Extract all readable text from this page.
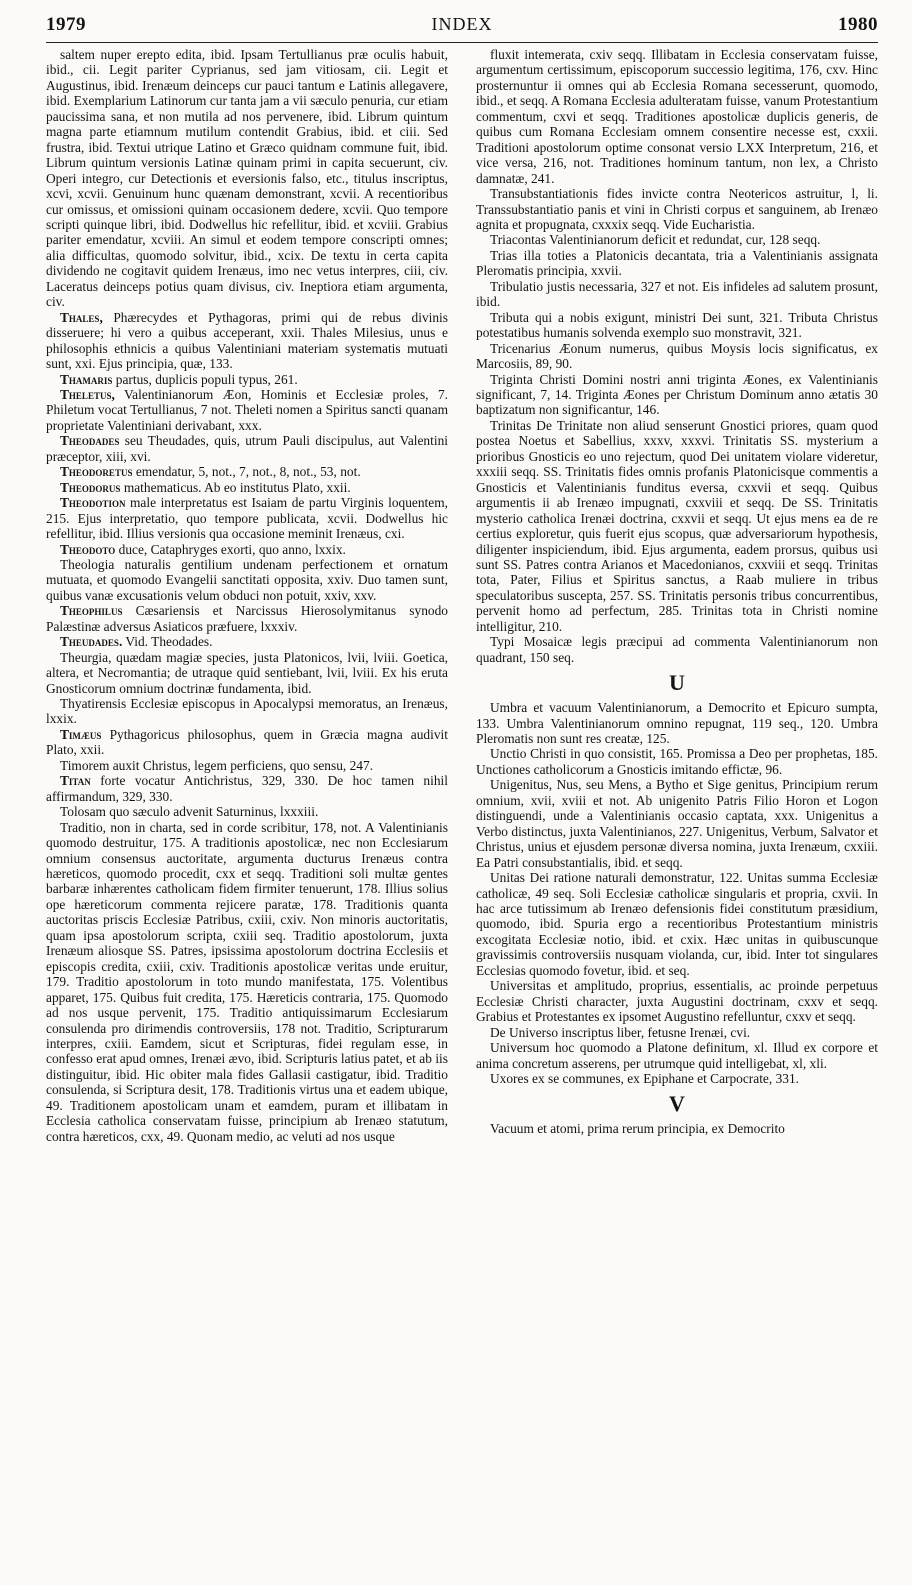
1979	INDEX	1980

saltem nuper erepto edita, ibid. Ipsam Tertullianus præ oculis habuit, ibid., cii. Legit pariter Cyprianus, sed jam vitiosam, cii. Legit et Augustinus, ibid. Irenæum deinceps cur pauci tantum e Latinis allegavere, ibid. Exemplarium Latinorum cur tanta jam a vii sæculo penuria, cur etiam paucissima sana, et non mutila ad nos pervenere, ibid. Librum quintum magna parte etiamnum mutilum contendit Grabius, ibid. et ciii. Sed frustra, ibid. Textui utrique Latino et Græco quidnam commune fuit, ibid. Librum quintum versionis Latinæ quinam primi in capita secuerunt, civ. Operi integro, cur Detectionis et eversionis falso, etc., titulus inscriptus, xcvi, xcvii. Genuinum hunc quænam demonstrant, xcvii. A recentioribus cur omissus, et omissioni quinam occasionem dedere, xcvii. Quo tempore scripti quinque libri, ibid. Dodwellus hic refellitur, ibid. et xcviii. Grabius pariter emendatur, xcviii. An simul et eodem tempore conscripti omnes; alia difficultas, quomodo solvitur, ibid., xcix. De textu in certa capita dividendo ne cogitavit quidem Irenæus, imo nec vetus interpres, ciii, civ. Laceratus deinceps potius quam divisus, civ. Ineptiora etiam argumenta, civ.

Thales, Phærecydes et Pythagoras, primi qui de rebus divinis disseruere; hi vero a quibus acceperant, xxii. Thales Milesius, unus e philosophis ethnicis a quibus Valentiniani materiam systematis mutuati sunt, xxi. Ejus principia, quæ, 133.

Thamaris partus, duplicis populi typus, 261.

Theletus, Valentinianorum Æon, Hominis et Ecclesiæ proles, 7. Philetum vocat Tertullianus, 7 not. Theleti nomen a Spiritus sancti quanam proprietate Valentiniani derivabant, xxx.

Theodades seu Theudades, quis, utrum Pauli discipulus, aut Valentini præceptor, xiii, xvi.

Theodoretus emendatur, 5, not., 7, not., 8, not., 53, not.

Theodorus mathematicus. Ab eo institutus Plato, xxii.

Theodotion male interpretatus est Isaiam de partu Virginis loquentem, 215. Ejus interpretatio, quo tempore publicata, xcvii. Dodwellus hic refellitur, ibid. Illius versionis qua occasione meminit Irenæus, cxi.

Theodoto duce, Cataphryges exorti, quo anno, lxxix.

Theologia naturalis gentilium undenam perfectionem et ornatum mutuata, et quomodo Evangelii sanctitati opposita, xxiv. Duo tamen sunt, quibus vanæ excusationis velum obduci non potuit, xxiv, xxv.

Theophilus Cæsariensis et Narcissus Hierosolymitanus synodo Palæstinæ adversus Asiaticos præfuere, lxxxiv.

Theudades. Vid. Theodades.

Theurgia, quædam magiæ species, justa Platonicos, lvii, lviii. Goetica, altera, et Necromantia; de utraque quid sentiebant, lvii, lviii. Ex his eruta Gnosticorum omnium doctrinæ fundamenta, ibid.

Thyatirensis Ecclesiæ episcopus in Apocalypsi memoratus, an Irenæus, lxxix.

Timæus Pythagoricus philosophus, quem in Græcia magna audivit Plato, xxii.

Timorem auxit Christus, legem perficiens, quo sensu, 247.

Titan forte vocatur Antichristus, 329, 330. De hoc tamen nihil affirmandum, 329, 330.

Tolosam quo sæculo advenit Saturninus, lxxxiii.

Traditio, non in charta, sed in corde scribitur, 178, not. A Valentinianis quomodo destruitur, 175. A traditionis apostolicæ, nec non Ecclesiarum omnium consensus auctoritate, argumenta ducturus Irenæus contra hæreticos, quomodo procedit, cxx et seqq. Traditioni soli multæ gentes barbaræ inhærentes catholicam fidem firmiter tenuerunt, 178. Illius solius ope hæreticorum commenta rejicere paratæ, 178. Traditionis quanta auctoritas priscis Ecclesiæ Patribus, cxiii, cxiv. Non minoris auctoritatis, quam ipsa apostolorum scripta, cxiii seq. Traditio apostolorum, juxta Irenæum aliosque SS. Patres, ipsissima apostolorum doctrina Ecclesiis et episcopis credita, cxiii, cxiv. Traditionis apostolicæ veritas unde eruitur, 179. Traditio apostolorum in toto mundo manifestata, 175. Volentibus apparet, 175. Quibus fuit credita, 175. Hæreticis contraria, 175. Quomodo ad nos usque pervenit, 175. Traditio antiquissimarum Ecclesiarum consulenda pro dirimendis controversiis, 178 not. Traditio, Scripturarum interpres, cxiii. Eamdem, sicut et Scripturas, fidei regulam esse, in confesso erat apud omnes, Irenæi ævo, ibid. Scripturis latius patet, et ab iis distinguitur, ibid. Hic obiter mala fides Gallasii castigatur, ibid. Traditio consulenda, si Scriptura desit, 178. Traditionis virtus una et eadem ubique, 49. Traditionem apostolicam unam et eamdem, puram et illibatam in Ecclesia catholica conservatam fuisse, principium ab Irenæo statutum, contra hæreticos, cxx, 49. Quonam medio, ac veluti ad nos usque

fluxit intemerata, cxiv seqq. Illibatam in Ecclesia conservatam fuisse, argumentum certissimum, episcoporum successio legitima, 176, cxv. Hinc prosternuntur ii omnes qui ab Ecclesia Romana secesserunt, quomodo, ibid., et seqq. A Romana Ecclesia adulteratam fuisse, vanum Protestantium commentum, cxvi et seqq. Traditiones apostolicæ duplicis generis, de quibus cum Romana Ecclesiam omnem consentire necesse est, cxxii. Traditioni apostolorum optime consonat versio LXX Interpretum, 216, et vice versa, 216, not. Traditiones hominum tantum, non lex, a Christo damnatæ, 241.

Transubstantiationis fides invicte contra Neotericos astruitur, l, li. Transsubstantiatio panis et vini in Christi corpus et sanguinem, ab Irenæo agnita et propugnata, cxxxix seqq. Vide Eucharistia.

Triacontas Valentinianorum deficit et redundat, cur, 128 seqq.

Trias illa toties a Platonicis decantata, tria a Valentinianis assignata Pleromatis principia, xxvii.

Tribulatio justis necessaria, 327 et not. Eis infideles ad salutem prosunt, ibid.

Tributa qui a nobis exigunt, ministri Dei sunt, 321. Tributa Christus potestatibus humanis solvenda exemplo suo monstravit, 321.

Tricenarius Æonum numerus, quibus Moysis locis significatus, ex Marcosiis, 89, 90.

Triginta Christi Domini nostri anni triginta Æones, ex Valentinianis significant, 7, 14. Triginta Æones per Christum Dominum anno ætatis 30 baptizatum non significantur, 146.

Trinitas De Trinitate non aliud senserunt Gnostici priores, quam quod postea Noetus et Sabellius, xxxv, xxxvi. Trinitatis SS. mysterium a prioribus Gnosticis eo uno rejectum, quod Dei unitatem violare videretur, xxxiii seqq. SS. Trinitatis fides omnis profanis Platonicisque commentis a Gnosticis et Valentinianis funditus eversa, cxxvii et seqq. Quibus argumentis ii ab Irenæo impugnati, cxxviii et seqq. De SS. Trinitatis mysterio catholica Irenæi doctrina, cxxvii et seqq. Ut ejus mens ea de re certius exploretur, quis fuerit ejus scopus, quæ adversariorum hypothesis, diligenter inspiciendum, ibid. Ejus argumenta, eadem prorsus, quibus usi sunt SS. Patres contra Arianos et Macedonianos, cxxviii et seqq. Trinitas tota, Pater, Filius et Spiritus sanctus, a Raab muliere in tribus speculatoribus suscepta, 257. SS. Trinitatis personis tribus concurrentibus, pervenit homo ad perfectum, 285. Trinitas tota in Christi nomine intelligitur, 210.

Typi Mosaicæ legis præcipui ad commenta Valentinianorum non quadrant, 150 seq.

U

Umbra et vacuum Valentinianorum, a Democrito et Epicuro sumpta, 133. Umbra Valentinianorum omnino repugnat, 119 seq., 120. Umbra Pleromatis non sunt res creatæ, 125.

Unctio Christi in quo consistit, 165. Promissa a Deo per prophetas, 185. Unctiones catholicorum a Gnosticis imitando effictæ, 96.

Unigenitus, Nus, seu Mens, a Bytho et Sige genitus, Principium rerum omnium, xvii, xviii et not. Ab unigenito Patris Filio Horon et Logon distinguendi, unde a Valentinianis occasio captata, xxx. Unigenitus a Verbo distinctus, juxta Valentinianos, 227. Unigenitus, Verbum, Salvator et Christus, unius et ejusdem personæ diversa nomina, juxta Irenæum, cxxiii. Ea Patri consubstantialis, ibid. et seqq.

Unitas Dei ratione naturali demonstratur, 122. Unitas summa Ecclesiæ catholicæ, 49 seq. Soli Ecclesiæ catholicæ singularis et propria, cxvii. In hac arce tutissimum ab Irenæo defensionis fidei constitutum præsidium, quomodo, ibid. Spuria ergo a recentioribus Protestantium ministris excogitata Ecclesiæ notio, ibid. et cxix. Hæc unitas in quibuscunque gravissimis controversiis nusquam violanda, cur, ibid. Inter tot singulares Ecclesias quomodo fovetur, ibid. et seq.

Universitas et amplitudo, proprius, essentialis, ac proinde perpetuus Ecclesiæ Christi character, juxta Augustini doctrinam, cxxv et seqq. Grabius et Protestantes ex ipsomet Augustino refelluntur, cxxv et seqq.

De Universo inscriptus liber, fetusne Irenæi, cvi.

Universum hoc quomodo a Platone definitum, xl. Illud ex corpore et anima concretum asserens, per utrumque quid intelligebat, xl, xli.

Uxores ex se communes, ex Epiphane et Carpocrate, 331.

V

Vacuum et atomi, prima rerum principia, ex Democrito
